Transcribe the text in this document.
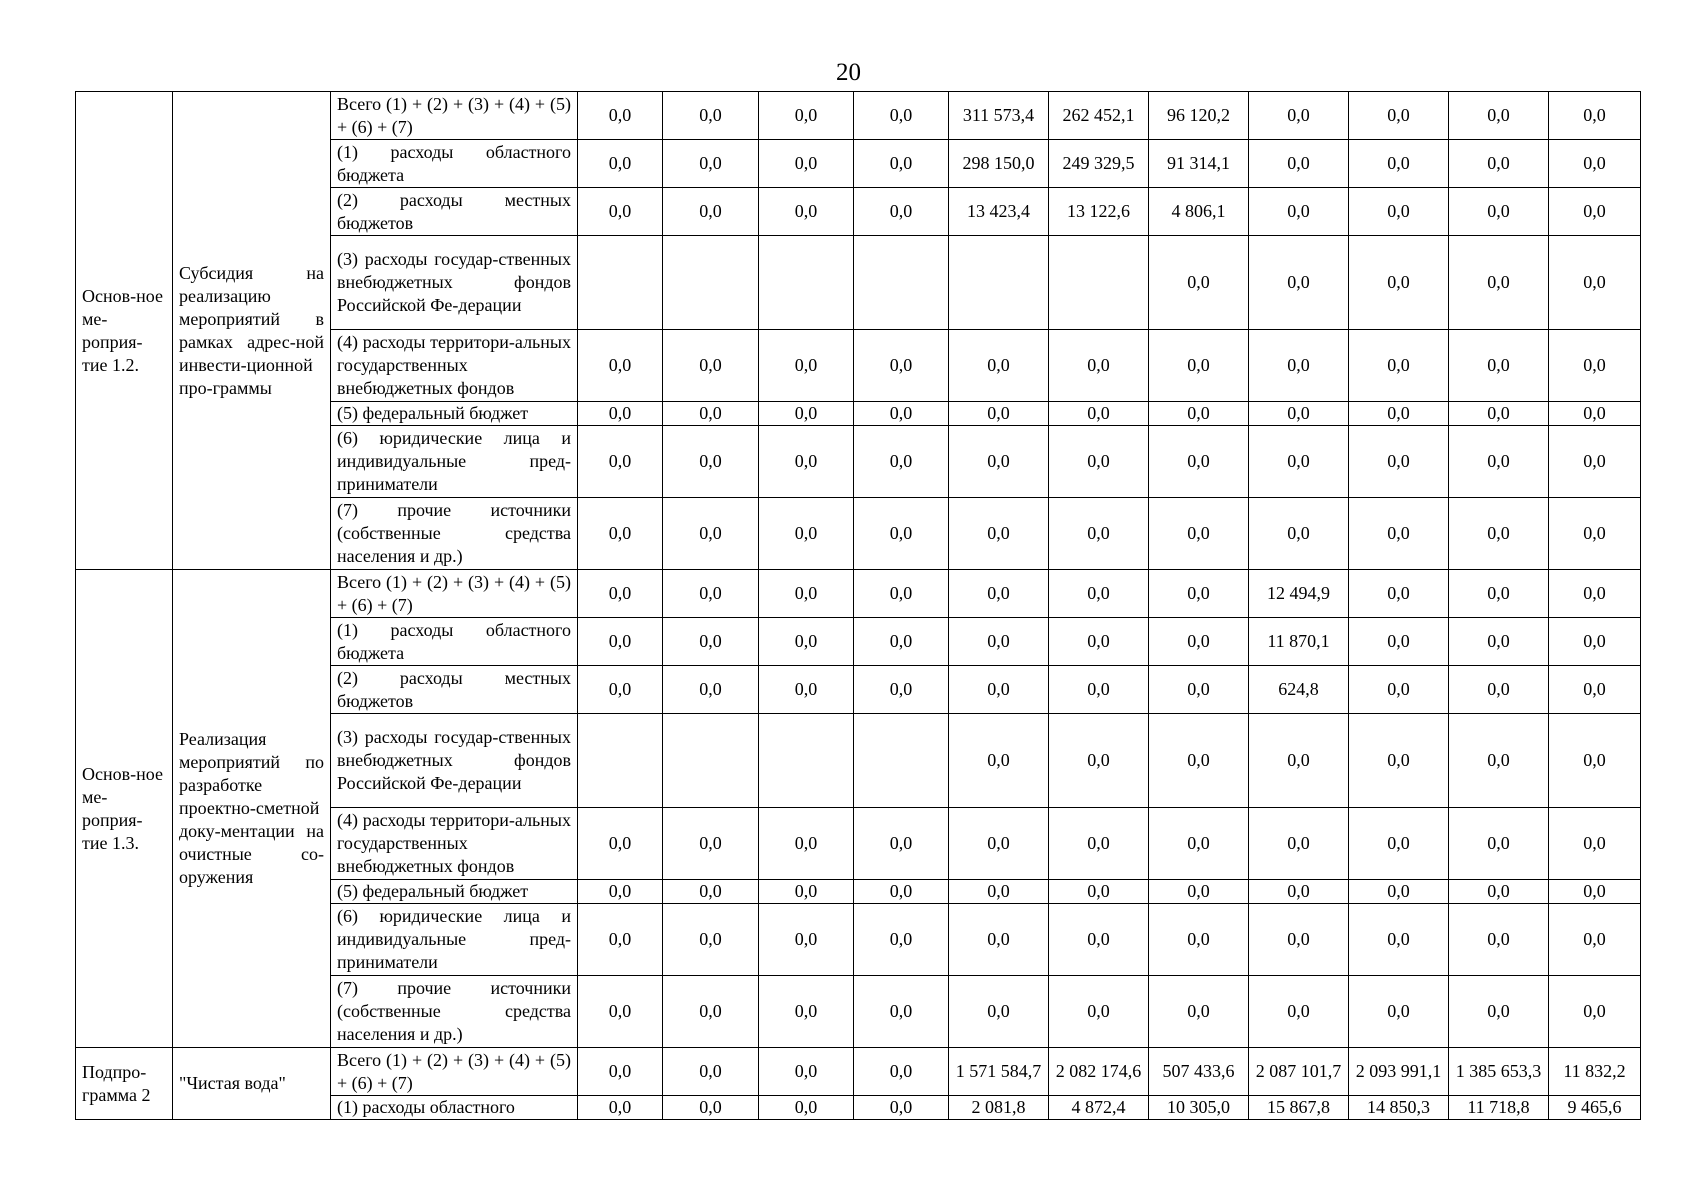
20
Основ-ное ме-роприя-тие 1.2.	Субсидия на реализацию мероприятий в рамках адрес-ной инвести-ционной про-граммы	Всего (1) + (2) + (3) + (4) + (5) + (6) + (7)	0,0	0,0	0,0	0,0	311 573,4	262 452,1	96 120,2	0,0	0,0	0,0	0,0
		(1) расходы областного бюджета	0,0	0,0	0,0	0,0	298 150,0	249 329,5	91 314,1	0,0	0,0	0,0	0,0
		(2) расходы местных бюджетов	0,0	0,0	0,0	0,0	13 423,4	13 122,6	4 806,1	0,0	0,0	0,0	0,0
		(3) расходы государ-ственных внебюджетных фондов Российской Фе-дерации							0,0	0,0	0,0	0,0	0,0
		(4) расходы территори-альных государственных внебюджетных фондов	0,0	0,0	0,0	0,0	0,0	0,0	0,0	0,0	0,0	0,0	0,0
		(5) федеральный бюджет	0,0	0,0	0,0	0,0	0,0	0,0	0,0	0,0	0,0	0,0	0,0
		(6) юридические лица и индивидуальные пред-приниматели	0,0	0,0	0,0	0,0	0,0	0,0	0,0	0,0	0,0	0,0	0,0
		(7) прочие источники (собственные средства населения и др.)	0,0	0,0	0,0	0,0	0,0	0,0	0,0	0,0	0,0	0,0	0,0
Основ-ное ме-роприя-тие 1.3.	Реализация мероприятий по разработке проектно-сметной доку-ментации на очистные со-оружения	Всего (1) + (2) + (3) + (4) + (5) + (6) + (7)	0,0	0,0	0,0	0,0	0,0	0,0	0,0	12 494,9	0,0	0,0	0,0
		(1) расходы областного бюджета	0,0	0,0	0,0	0,0	0,0	0,0	0,0	11 870,1	0,0	0,0	0,0
		(2) расходы местных бюджетов	0,0	0,0	0,0	0,0	0,0	0,0	0,0	624,8	0,0	0,0	0,0
		(3) расходы государ-ственных внебюджетных фондов Российской Фе-дерации					0,0	0,0	0,0	0,0	0,0	0,0	0,0
		(4) расходы территори-альных государственных внебюджетных фондов	0,0	0,0	0,0	0,0	0,0	0,0	0,0	0,0	0,0	0,0	0,0
		(5) федеральный бюджет	0,0	0,0	0,0	0,0	0,0	0,0	0,0	0,0	0,0	0,0	0,0
		(6) юридические лица и индивидуальные пред-приниматели	0,0	0,0	0,0	0,0	0,0	0,0	0,0	0,0	0,0	0,0	0,0
		(7) прочие источники (собственные средства населения и др.)	0,0	0,0	0,0	0,0	0,0	0,0	0,0	0,0	0,0	0,0	0,0
Подпро-грамма 2	"Чистая вода"	Всего (1) + (2) + (3) + (4) + (5) + (6) + (7)	0,0	0,0	0,0	0,0	1 571 584,7	2 082 174,6	507 433,6	2 087 101,7	2 093 991,1	1 385 653,3	11 832,2
		(1) расходы областного	0,0	0,0	0,0	0,0	2 081,8	4 872,4	10 305,0	15 867,8	14 850,3	11 718,8	9 465,6
